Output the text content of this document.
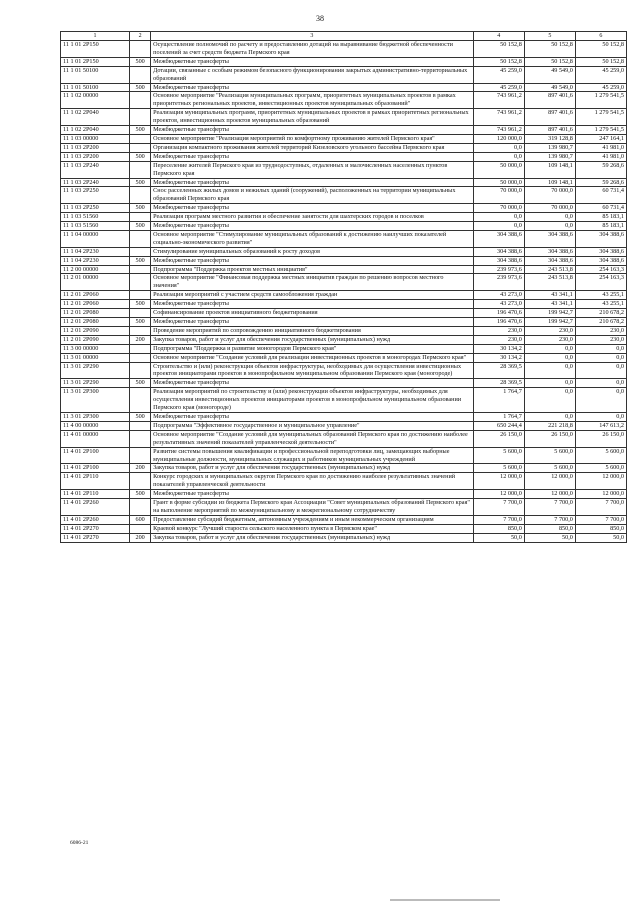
38
1	2	3	4	5	6
11 1 01 2Р150		Осуществление полномочий по расчету и предоставлению дотаций на выравнивание бюджетной обеспеченности поселений за счет средств бюджета Пермского края	50 152,8	50 152,8	50 152,8
11 1 01 2Р150	500	Межбюджетные трансферты	50 152,8	50 152,8	50 152,8
11 1 01 50100		Дотации, связанные с особым режимом безопасного функционирования закрытых административно-территориальных образований	45 259,0	49 549,0	45 259,0
11 1 01 50100	500	Межбюджетные трансферты	45 259,0	49 549,0	45 259,0
11 1 02 00000		Основное мероприятие "Реализация муниципальных программ, приоритетных муниципальных проектов в рамках приоритетных региональных проектов, инвестиционных проектов муниципальных образований"	743 961,2	897 401,6	1 279 541,5
11 1 02 2Р040		Реализация муниципальных программ, приоритетных муниципальных проектов в рамках приоритетных региональных проектов, инвестиционных проектов муниципальных образований	743 961,2	897 401,6	1 279 541,5
11 1 02 2Р040	500	Межбюджетные трансферты	743 961,2	897 401,6	1 279 541,5
11 1 03 00000		Основное мероприятие "Реализация мероприятий по комфортному проживанию жителей Пермского края"	120 000,0	319 128,8	247 164,1
11 1 03 2Р200		Организация компактного проживания жителей территорий Кизеловского угольного бассейна Пермского края	0,0	139 980,7	41 981,0
11 1 03 2Р200	500	Межбюджетные трансферты	0,0	139 980,7	41 981,0
11 1 03 2Р240		Переселение жителей Пермского края из труднодоступных, отдаленных и малочисленных населенных пунктов Пермского края	50 000,0	109 148,1	59 268,6
11 1 03 2Р240	500	Межбюджетные трансферты	50 000,0	109 148,1	59 268,6
11 1 03 2Р250		Снос расселенных жилых домов и нежилых зданий (сооружений), расположенных на территории муниципальных образований Пермского края	70 000,0	70 000,0	60 731,4
11 1 03 2Р250	500	Межбюджетные трансферты	70 000,0	70 000,0	60 731,4
11 1 03 51560		Реализация программ местного развития и обеспечение занятости для шахтерских городов и поселков	0,0	0,0	85 183,1
11 1 03 51560	500	Межбюджетные трансферты	0,0	0,0	85 183,1
11 1 04 00000		Основное мероприятие "Стимулирование муниципальных образований к достижению наилучших показателей социально-экономического развития"	304 388,6	304 388,6	304 388,6
11 1 04 2Р230		Стимулирование муниципальных образований к росту доходов	304 388,6	304 388,6	304 388,6
11 1 04 2Р230	500	Межбюджетные трансферты	304 388,6	304 388,6	304 388,6
11 2 00 00000		Подпрограмма "Поддержка проектов местных инициатив"	239 973,6	243 513,8	254 163,3
11 2 01 00000		Основное мероприятие "Финансовая поддержка местных инициатив граждан по решению вопросов местного значения"	239 973,6	243 513,8	254 163,3
11 2 01 2Р060		Реализация мероприятий с участием средств самообложения граждан	43 273,0	43 341,1	43 255,1
11 2 01 2Р060	500	Межбюджетные трансферты	43 273,0	43 341,1	43 255,1
11 2 01 2Р080		Софинансирование проектов инициативного бюджетирования	196 470,6	199 942,7	210 678,2
11 2 01 2Р080	500	Межбюджетные трансферты	196 470,6	199 942,7	210 678,2
11 2 01 2Р090		Проведение мероприятий по сопровождению инициативного бюджетирования	230,0	230,0	230,0
11 2 01 2Р090	200	Закупка товаров, работ и услуг для обеспечения государственных (муниципальных) нужд	230,0	230,0	230,0
11 3 00 00000		Подпрограмма "Поддержка и развитие моногородов Пермского края"	30 134,2	0,0	0,0
11 3 01 00000		Основное мероприятие "Создание условий для реализации инвестиционных проектов в моногородах Пермского края"	30 134,2	0,0	0,0
11 3 01 2Р290		Строительство и (или) реконструкция объектов инфраструктуры, необходимых для осуществления инвестиционных проектов инициаторами проектов в монопрофильном муниципальном образовании Пермского края (моногороде)	28 369,5	0,0	0,0
11 3 01 2Р290	500	Межбюджетные трансферты	28 369,5	0,0	0,0
11 3 01 2Р300		Реализация мероприятий по строительству и (или) реконструкции объектов инфраструктуры, необходимых для осуществления инвестиционных проектов инициаторами проектов в монопрофильном муниципальном образовании Пермского края (моногороде)	1 764,7	0,0	0,0
11 3 01 2Р300	500	Межбюджетные трансферты	1 764,7	0,0	0,0
11 4 00 00000		Подпрограмма "Эффективное государственное и муниципальное управление"	650 244,4	221 218,8	147 613,2
11 4 01 00000		Основное мероприятие "Создание условий для муниципальных образований Пермского края по достижению наиболее результативных значений показателей управленческой деятельности"	26 150,0	26 150,0	26 150,0
11 4 01 2Р100		Развитие системы повышения квалификации и профессиональной переподготовки лиц, замещающих выборные муниципальные должности, муниципальных служащих и работников муниципальных учреждений	5 600,0	5 600,0	5 600,0
11 4 01 2Р100	200	Закупка товаров, работ и услуг для обеспечения государственных (муниципальных) нужд	5 600,0	5 600,0	5 600,0
11 4 01 2Р110		Конкурс городских и муниципальных округов Пермского края по достижению наиболее результативных значений показателей управленческой деятельности	12 000,0	12 000,0	12 000,0
11 4 01 2Р110	500	Межбюджетные трансферты	12 000,0	12 000,0	12 000,0
11 4 01 2Р260		Грант в форме субсидии из бюджета Пермского края Ассоциации "Совет муниципальных образований Пермского края" на выполнение мероприятий по межмуниципальному и межрегиональному сотрудничеству	7 700,0	7 700,0	7 700,0
11 4 01 2Р260	600	Предоставление субсидий бюджетным, автономным учреждениям и иным некоммерческим организациям	7 700,0	7 700,0	7 700,0
11 4 01 2Р270		Краевой конкурс "Лучший староста сельского населенного пункта в Пермском крае"	850,0	850,0	850,0
11 4 01 2Р270	200	Закупка товаров, работ и услуг для обеспечения государственных (муниципальных) нужд	50,0	50,0	50,0
6086-21
